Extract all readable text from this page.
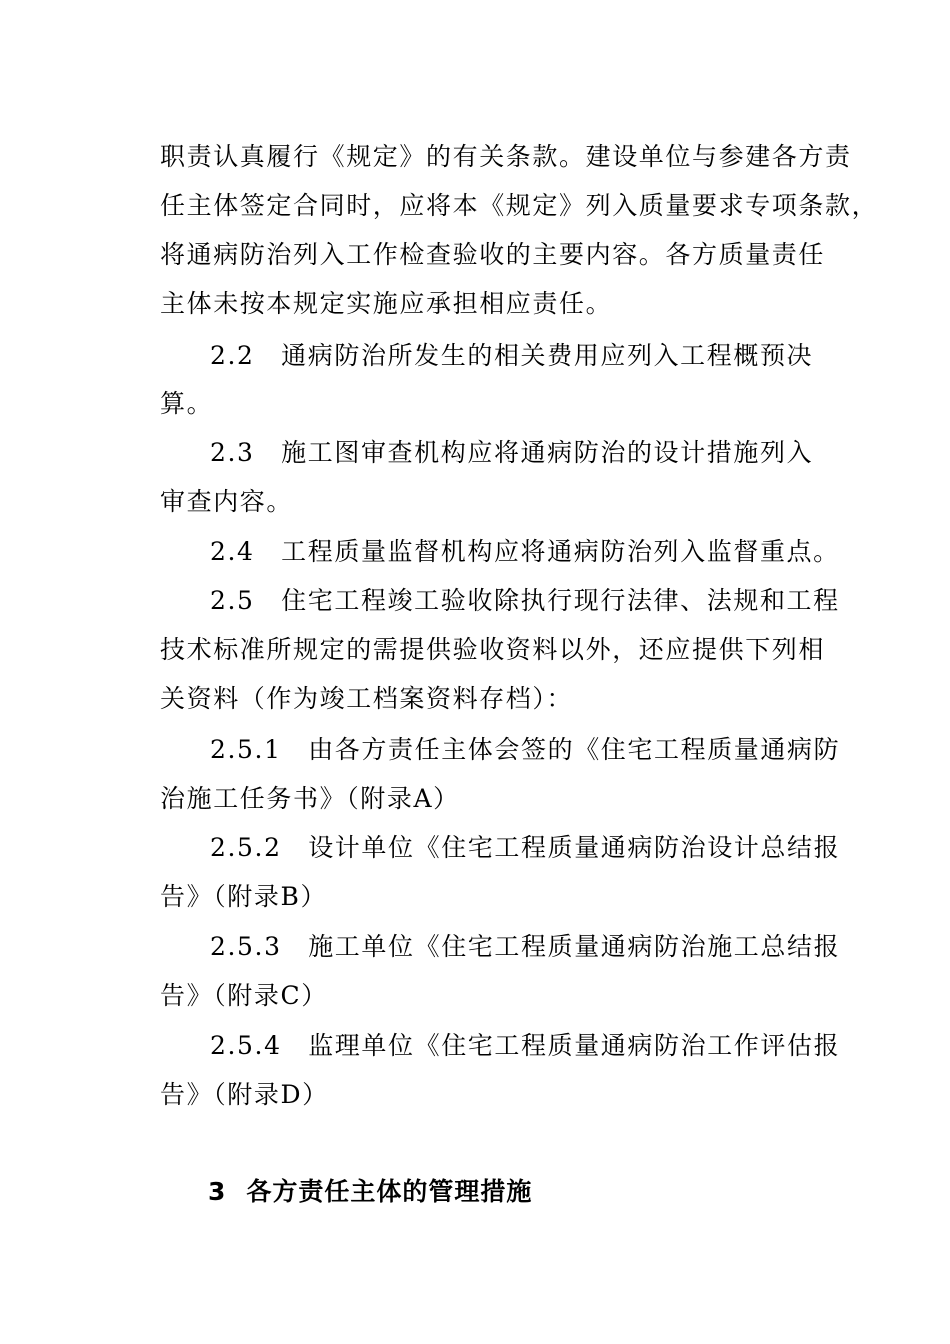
职责认真履行《规定》的有关条款。建设单位与参建各方责
任主体签定合同时，应将本《规定》列入质量要求专项条款，
将通病防治列入工作检查验收的主要内容。各方质量责任
主体未按本规定实施应承担相应责任。
2.2　通病防治所发生的相关费用应列入工程概预决
算。
2.3　施工图审查机构应将通病防治的设计措施列入
审查内容。
2.4　工程质量监督机构应将通病防治列入监督重点。
2.5　住宅工程竣工验收除执行现行法律、法规和工程
技术标准所规定的需提供验收资料以外，还应提供下列相
关资料（作为竣工档案资料存档）：
2.5.1　由各方责任主体会签的《住宅工程质量通病防
治施工任务书》（附录A）
2.5.2　设计单位《住宅工程质量通病防治设计总结报
告》（附录B）
2.5.3　施工单位《住宅工程质量通病防治施工总结报
告》（附录C）
2.5.4　监理单位《住宅工程质量通病防治工作评估报
告》（附录D）
3 各方责任主体的管理措施
